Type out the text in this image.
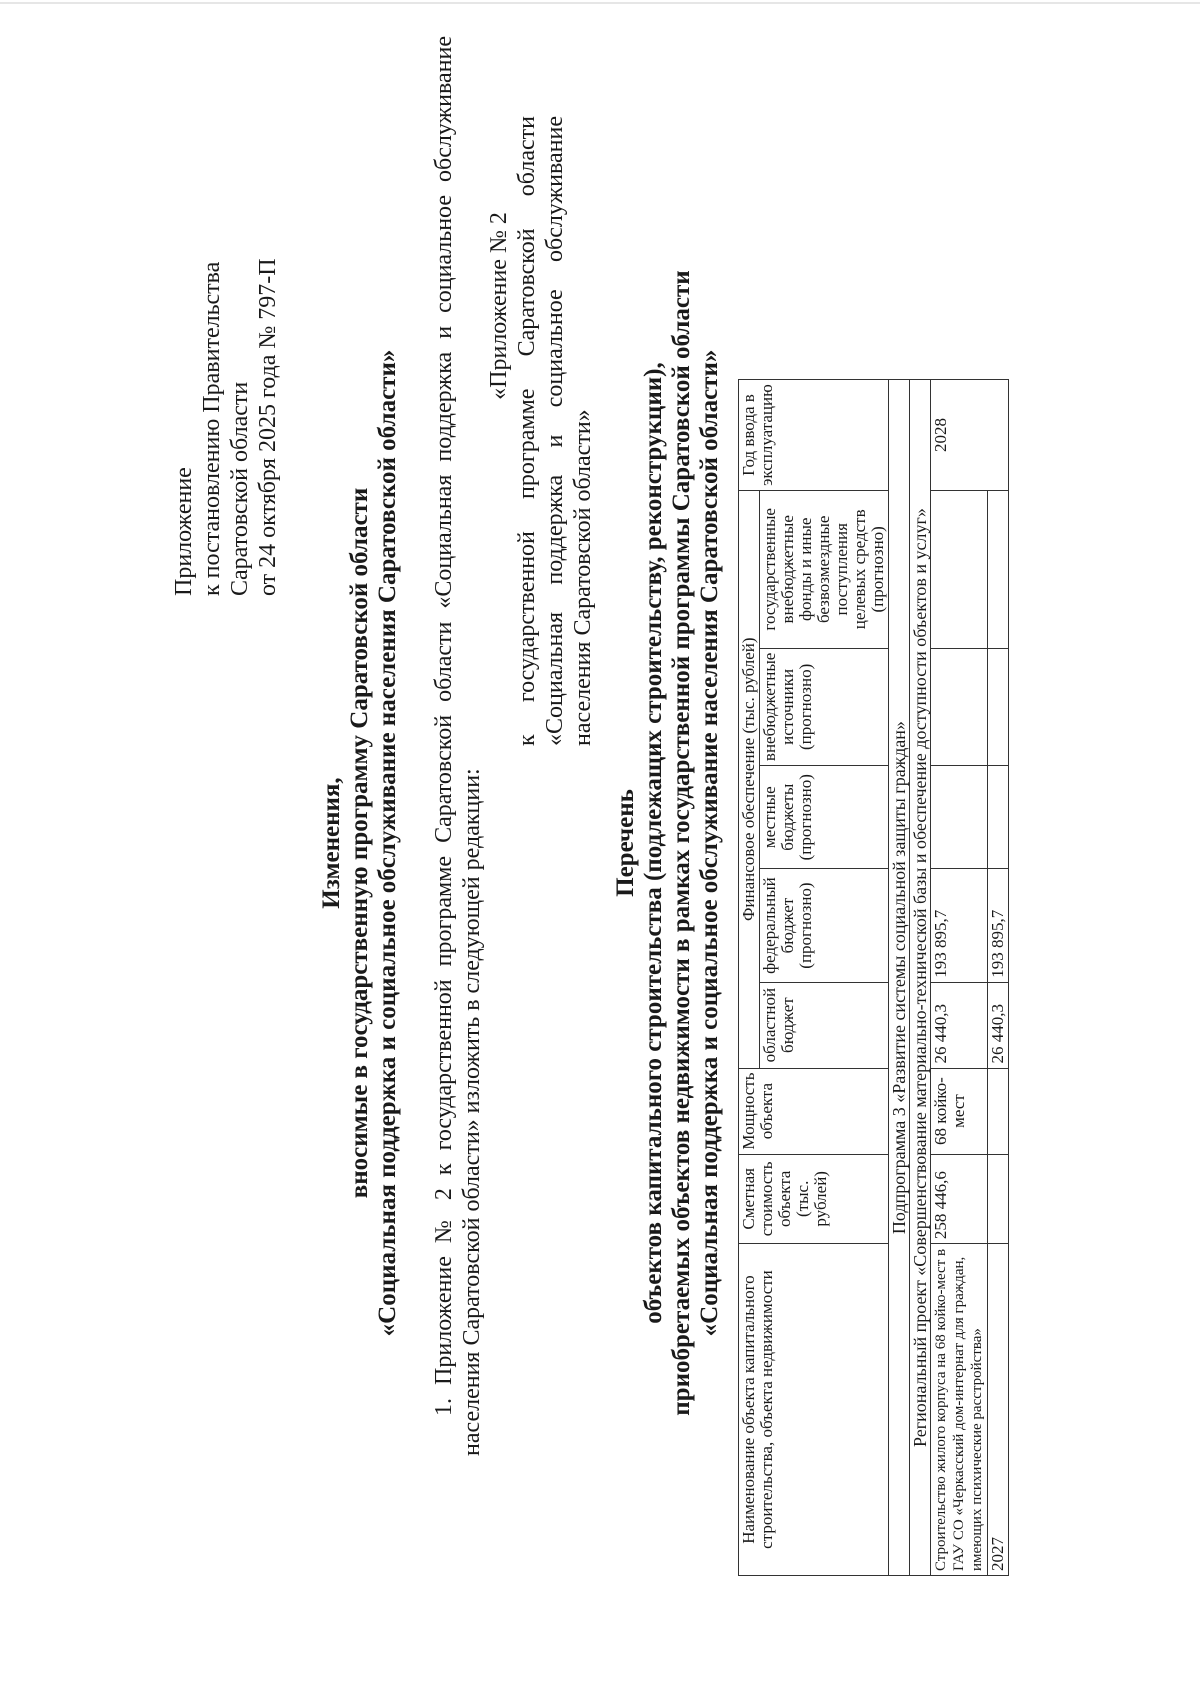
Приложение к постановлению Правительства Саратовской области от 24 октября 2025 года № 797-П
Изменения, вносимые в государственную программу Саратовской области «Социальная поддержка и социальное обслуживание населения Саратовской области» 1. Приложение № 2 к государственной программе Саратовской области «Социальная поддержка и социальное обслуживание населения Саратовской области» изложить в следующей редакции:
«Приложение № 2 к государственной программе Саратовской области «Социальная поддержка и социальное обслуживание населения Саратовской области»
Перечень объектов капитального строительства (подлежащих строительству, реконструкции), приобретаемых объектов недвижимости в рамках государственной программы Саратовской области «Социальная поддержка и социальное обслуживание населения Саратовской области»
Наименование объекта капитального строительства, объекта недвижимости	Сметная стоимость объекта (тыс. рублей)	Мощность объекта	Финансовое обеспечение (тыс. рублей)					Год ввода в эксплуатацию	
			областной бюджет	федеральный бюджет (прогнозно)	местные бюджеты (прогнозно)	внебюджетные источники (прогнозно)	государственные внебюджетные фонды и иные безвозмездные поступления целевых средств (прогнозно)		
Подпрограмма 3 «Развитие системы социальной защиты граждан»									
Региональный проект «Совершенствование материально-технической базы и обеспечение доступности объектов и услуг»									
Строительство жилого корпуса на 68 койко-мест в ГАУ СО «Черкасский дом-интернат для граждан, имеющих психические расстройства»	258 446,6	68 койко-мест	26 440,3	193 895,7				2028	
2027			26 440,3	193 895,7					
